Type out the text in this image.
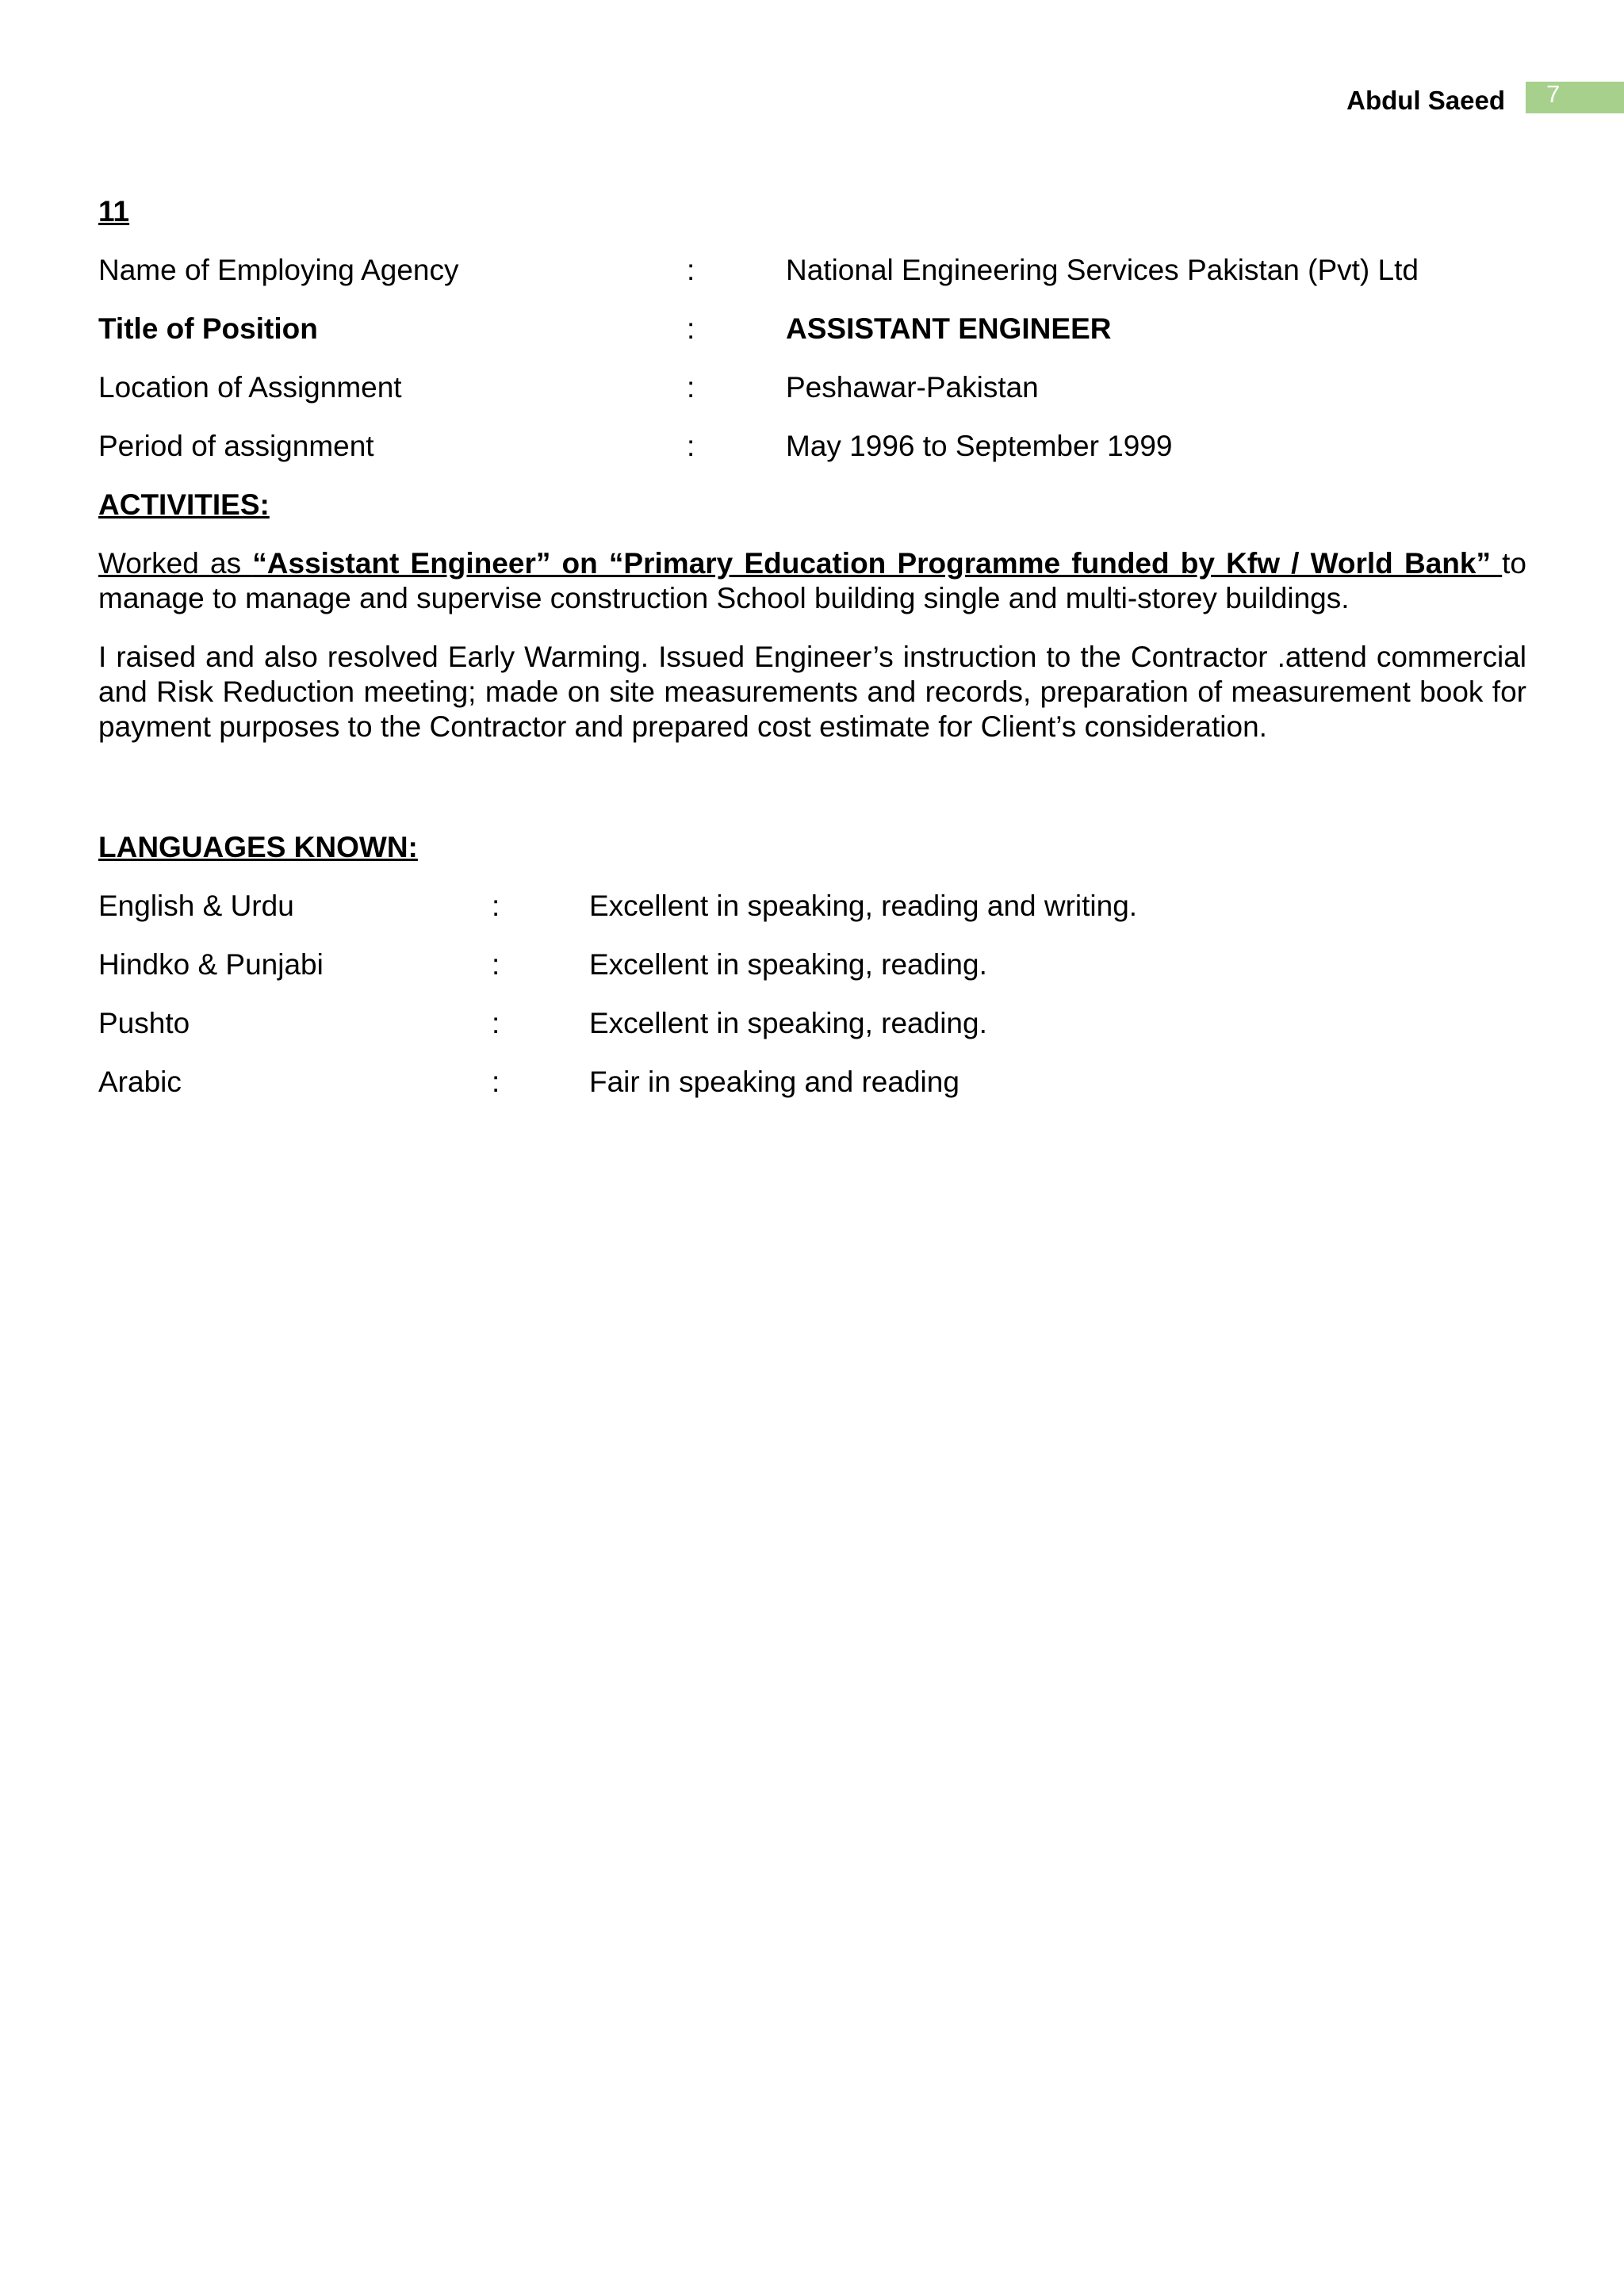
Abdul Saeed	7
11
Name of Employing Agency	:	National Engineering Services Pakistan (Pvt) Ltd
Title of Position	:	ASSISTANT ENGINEER
Location of Assignment	:	Peshawar-Pakistan
Period of assignment	:	May 1996 to September 1999
ACTIVITIES:

Worked as “Assistant Engineer” on “Primary Education Programme funded by Kfw / World Bank” to manage to manage and supervise construction School building single and multi-storey buildings.

I raised and also resolved Early Warming. Issued Engineer’s instruction to the Contractor .attend commercial and Risk Reduction meeting; made on site measurements and records, preparation of measurement book for payment purposes to the Contractor and prepared cost estimate for Client’s consideration.

LANGUAGES KNOWN:
English & Urdu	:	Excellent in speaking, reading and writing.
Hindko & Punjabi	:	Excellent in speaking, reading.
Pushto	:	Excellent in speaking, reading.
Arabic	:	Fair in speaking and reading
